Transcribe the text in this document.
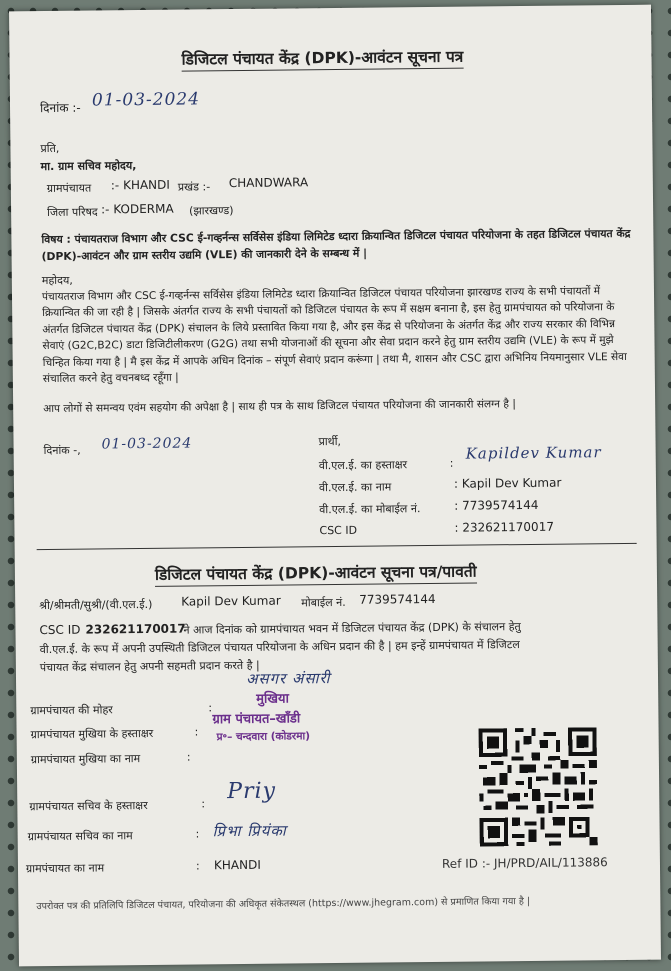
डिजिटल पंचायत केंद्र (DPK)-आवंटन सूचना पत्र
दिनांक :- 01-03-2024
प्रति,
मा. ग्राम सचिव महोदय,
ग्रामपंचायत :- KHANDI प्रखंड :- CHANDWARA
जिला परिषद :- KODERMA (झारखण्ड)
विषय : पंचायतराज विभाग और CSC ई-गव्हर्नन्स सर्विसेस इंडिया लिमिटेड ध्दारा क्रियान्वित डिजिटल पंचायत परियोजना के तहत डिजिटल पंचायत केंद्र (DPK)-आवंटन और ग्राम स्तरीय उद्यमि (VLE) की जानकारी देने के सम्बन्ध में |
महोदय,
पंचायतराज विभाग और CSC ई-गव्हर्नन्स सर्विसेस इंडिया लिमिटेड ध्दारा क्रियान्वित डिजिटल पंचायत परियोजना झारखण्ड राज्य के सभी पंचायतों में क्रियान्वित की जा रही है | जिसके अंतर्गत राज्य के सभी पंचायतों को डिजिटल पंचायत के रूप में सक्षम बनाना है, इस हेतु ग्रामपंचायत को परियोजना के अंतर्गत डिजिटल पंचायत केंद्र (DPK) संचालन के लिये प्रस्तावित किया गया है, और इस केंद्र से परियोजना के अंतर्गत केंद्र और राज्य सरकार की विभिन्न सेवाएं (G2C,B2C) डाटा डिजिटीलीकरण (G2G) तथा सभी योजनाओं की सूचना और सेवा प्रदान करने हेतु ग्राम स्तरीय उद्यमि (VLE) के रूप में मुझे चिन्हित किया गया है | मै इस केंद्र में आपके अधिन दिनांक – संपूर्ण सेवाएं प्रदान करूंगा | तथा मै, शासन और CSC द्वारा अभिनिय नियमानुसार VLE सेवा संचालित करने हेतु वचनबध्द रहूँगा |
आप लोगों से समन्वय एवंम सहयोग की अपेक्षा है | साथ ही पत्र के साथ डिजिटल पंचायत परियोजना की जानकारी संलग्न है |
दिनांक -, 01-03-2024	प्रार्थी,
वी.एल.ई. का हस्ताक्षर	:
Kapildev Kumar
वी.एल.ई. का नाम	: Kapil Dev Kumar
वी.एल.ई. का मोबाईल नं.	: 7739574144
CSC ID	: 232621170017
डिजिटल पंचायत केंद्र (DPK)-आवंटन सूचना पत्र/पावती
श्री/श्रीमती/सुश्री/(वी.एल.ई.) Kapil Dev Kumar मोबाईल नं. 7739574144
CSC ID 232621170017
ने आज दिनांक को ग्रामपंचायत भवन में डिजिटल पंचायत केंद्र (DPK) के संचालन हेतु
वी.एल.ई. के रूप में अपनी उपस्थिती डिजिटल पंचायत परियोजना के अधिन प्रदान की है | हम इन्हें ग्रामपंचायत में डिजिटल
पंचायत केंद्र संचालन हेतु अपनी सहमती प्रदान करते है |
असगर अंसारी
ग्रामपंचायत की मोहर	:
ग्रामपंचायत मुखिया के हस्ताक्षर	:
ग्रामपंचायत मुखिया का नाम	:
मुखिया
ग्राम पंचायत–खाँडी
प्र॰– चन्दवारा (कोडरमा)
ग्रामपंचायत सचिव के हस्ताक्षर	: Priy
ग्रामपंचायत सचिव का नाम	: प्रिभा प्रियंका
ग्रामपंचायत का नाम	: KHANDI	Ref ID :- JH/PRD/AIL/113886
उपरोक्त पत्र की प्रतिलिपि डिजिटल पंचायत, परियोजना की अधिकृत संकेतस्थल (https://www.jhegram.com) से प्रमाणित किया गया है |
